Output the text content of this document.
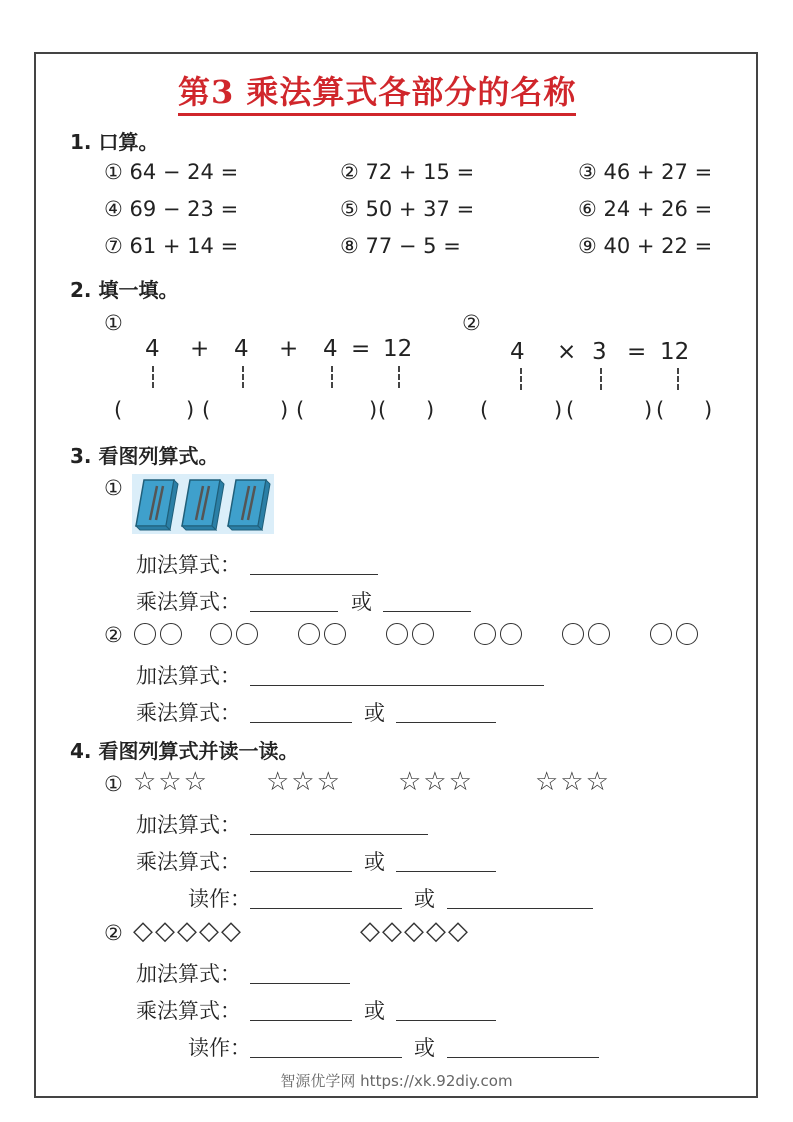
第3 乘法算式各部分的名称
1. 口算。
① 64 − 24 =	② 72 + 15 =	③ 46 + 27 =
④ 69 − 23 =	⑤ 50 + 37 =	⑥ 24 + 26 =
⑦ 61 + 14 =	⑧ 77 − 5 =	⑨ 40 + 22 =
2. 填一填。
①	②
4 + 4 + 4 = 12	4 × 3 = 12
(	) (	) (	) ( ) (	) (	) ( )
3. 看图列算式。
①
加法算式：
乘法算式：	或
②
加法算式：
乘法算式：	或
4. 看图列算式并读一读。
① ☆☆☆ ☆☆☆ ☆☆☆ ☆☆☆
加法算式：
乘法算式：	或
读作：	或
② ◇◇◇◇◇	◇◇◇◇◇
加法算式：
乘法算式：	或
读作：	或
智源优学网 https://xk.92diy.com
